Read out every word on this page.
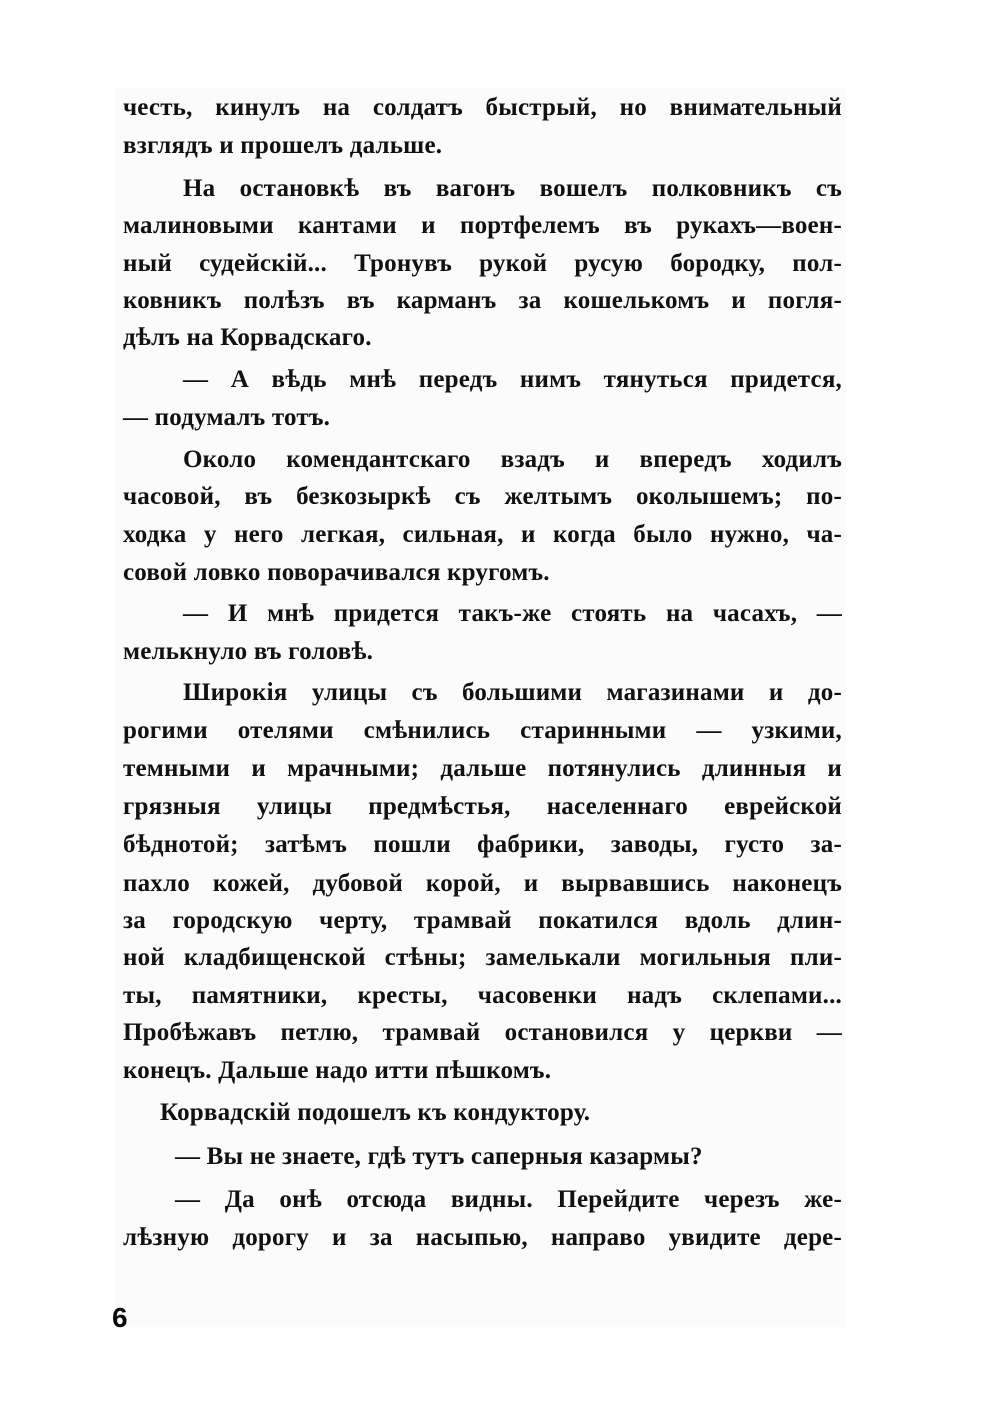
честь, кинулъ на солдатъ быстрый, но внимательный
взглядъ и прошелъ дальше.
На остановкѣ въ вагонъ вошелъ полковникъ съ
малиновыми кантами и портфелемъ въ рукахъ—воен-
ный судейскій... Тронувъ рукой русую бородку, пол-
ковникъ полѣзъ въ карманъ за кошелькомъ и погля-
дѣлъ на Корвадскаго.
— А вѣдь мнѣ передъ нимъ тянуться придется,
— подумалъ тотъ.
Около комендантскаго взадъ и впередъ ходилъ
часовой, въ безкозыркѣ съ желтымъ околышемъ; по-
ходка у него легкая, сильная, и когда было нужно, ча-
совой ловко поворачивался кругомъ.
— И мнѣ придется такъ-же стоять на часахъ, —
мелькнуло въ головѣ.
Широкія улицы съ большими магазинами и до-
рогими отелями смѣнились старинными — узкими,
темными и мрачными; дальше потянулись длинныя и
грязныя улицы предмѣстья, населеннаго еврейской
бѣднотой; затѣмъ пошли фабрики, заводы, густо за-
пахло кожей, дубовой корой, и вырвавшись наконецъ
за городскую черту, трамвай покатился вдоль длин-
ной кладбищенской стѣны; замелькали могильныя пли-
ты, памятники, кресты, часовенки надъ склепами...
Пробѣжавъ петлю, трамвай остановился у церкви —
конецъ. Дальше надо итти пѣшкомъ.
Корвадскій подошелъ къ кондуктору.
— Вы не знаете, гдѣ тутъ саперныя казармы?
— Да онѣ отсюда видны. Перейдите черезъ же-
лѣзную дорогу и за насыпью, направо увидите дере-
6
